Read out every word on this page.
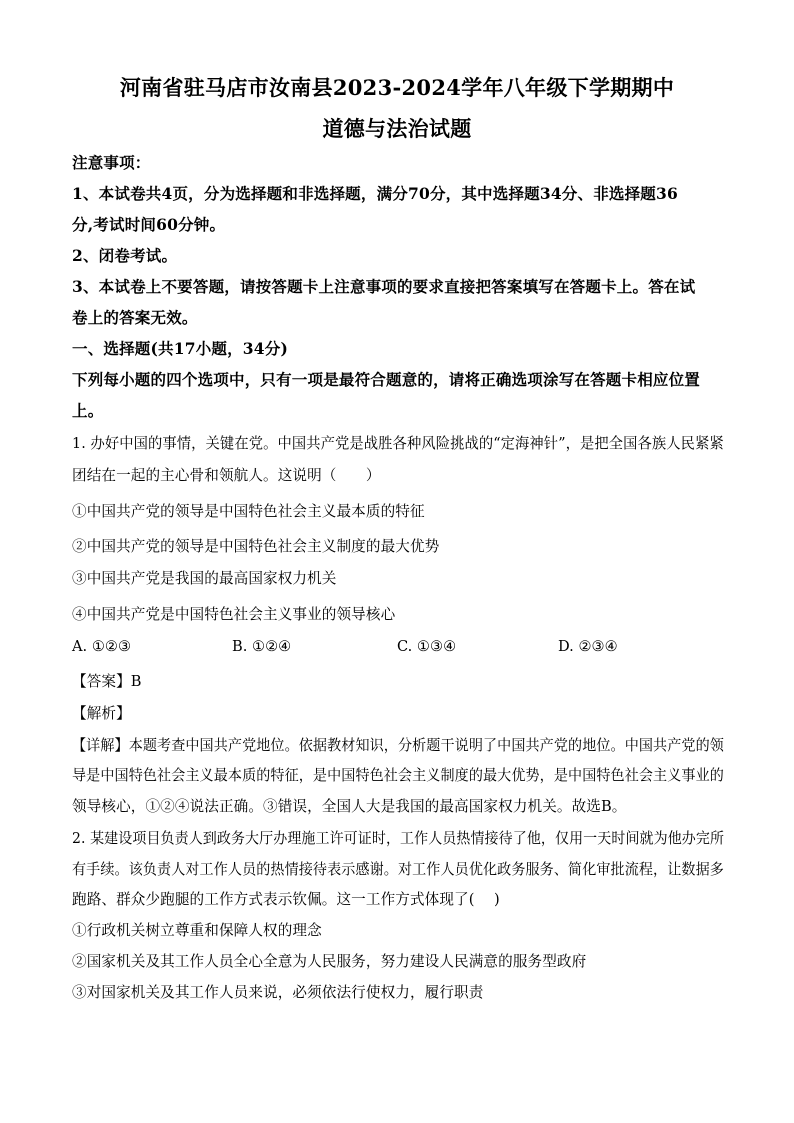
河南省驻马店市汝南县2023-2024学年八年级下学期期中
道德与法治试题
注意事项：
1、本试卷共4页，分为选择题和非选择题，满分70分，其中选择题34分、非选择题36
分,考试时间60分钟。
2、闭卷考试。
3、本试卷上不要答题，请按答题卡上注意事项的要求直接把答案填写在答题卡上。答在试
卷上的答案无效。
一、选择题(共17小题，34分)
下列每小题的四个选项中，只有一项是最符合题意的，请将正确选项涂写在答题卡相应位置
上。
1. 办好中国的事情，关键在党。中国共产党是战胜各种风险挑战的“定海神针”，是把全国各族人民紧紧
团结在一起的主心骨和领航人。这说明（　　）
①中国共产党的领导是中国特色社会主义最本质的特征
②中国共产党的领导是中国特色社会主义制度的最大优势
③中国共产党是我国的最高国家权力机关
④中国共产党是中国特色社会主义事业的领导核心
A. ①②③	B. ①②④	C. ①③④	D. ②③④
【答案】B
【解析】
【详解】本题考查中国共产党地位。依据教材知识，分析题干说明了中国共产党的地位。中国共产党的领
导是中国特色社会主义最本质的特征，是中国特色社会主义制度的最大优势，是中国特色社会主义事业的
领导核心，①②④说法正确。③错误，全国人大是我国的最高国家权力机关。故选B。
2. 某建设项目负责人到政务大厅办理施工许可证时，工作人员热情接待了他，仅用一天时间就为他办完所
有手续。该负责人对工作人员的热情接待表示感谢。对工作人员优化政务服务、简化审批流程，让数据多
跑路、群众少跑腿的工作方式表示钦佩。这一工作方式体现了(　 )
①行政机关树立尊重和保障人权的理念
②国家机关及其工作人员全心全意为人民服务，努力建设人民满意的服务型政府
③对国家机关及其工作人员来说，必须依法行使权力，履行职责
